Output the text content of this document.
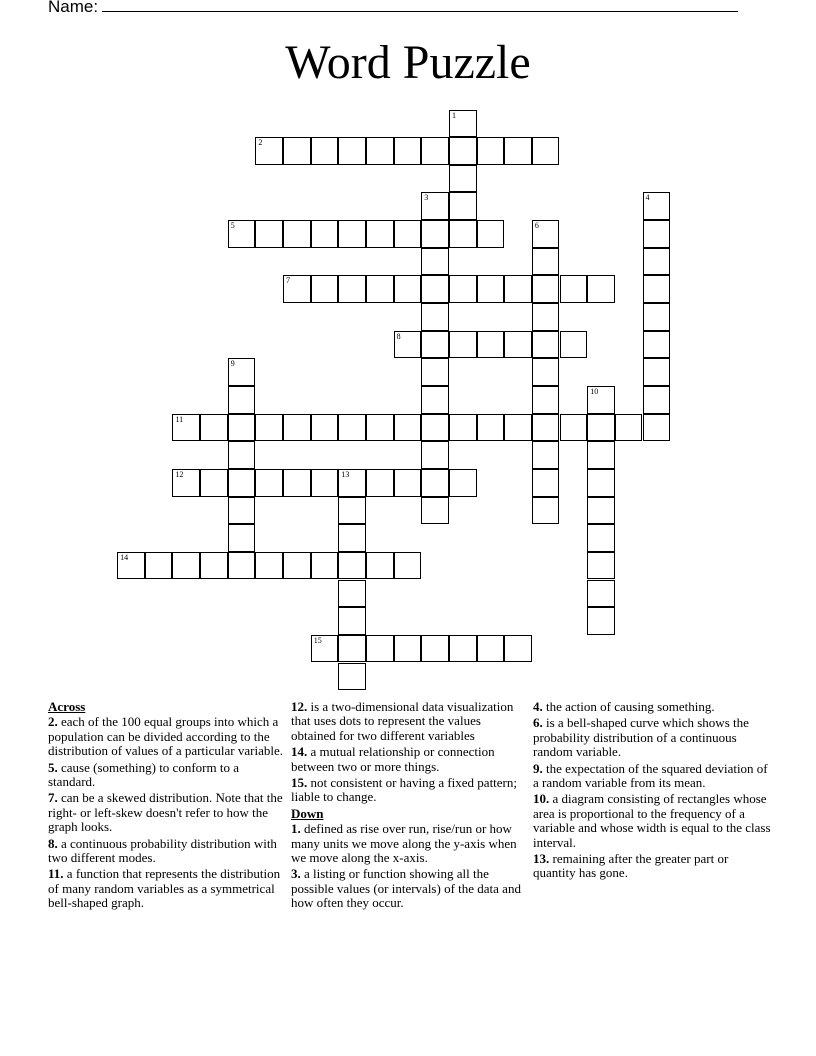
Name:
Word Puzzle
1
2
3	4
5	6
7
8
9
10
11
12	13
14
15
Across
2. each of the 100 equal groups into which a population can be divided according to the distribution of values of a particular variable.
5. cause (something) to conform to a standard.
7. can be a skewed distribution. Note that the right- or left-skew doesn't refer to how the graph looks.
8. a continuous probability distribution with two different modes.
11. a function that represents the distribution of many random variables as a symmetrical bell-shaped graph.
12. is a two-dimensional data visualization that uses dots to represent the values obtained for two different variables
14. a mutual relationship or connection between two or more things.
15. not consistent or having a fixed pattern; liable to change.
Down
1. defined as rise over run, rise/run or how many units we move along the y-axis when we move along the x-axis.
3. a listing or function showing all the possible values (or intervals) of the data and how often they occur.
4. the action of causing something.
6. is a bell-shaped curve which shows the probability distribution of a continuous random variable.
9. the expectation of the squared deviation of a random variable from its mean.
10. a diagram consisting of rectangles whose area is proportional to the frequency of a variable and whose width is equal to the class interval.
13. remaining after the greater part or quantity has gone.
